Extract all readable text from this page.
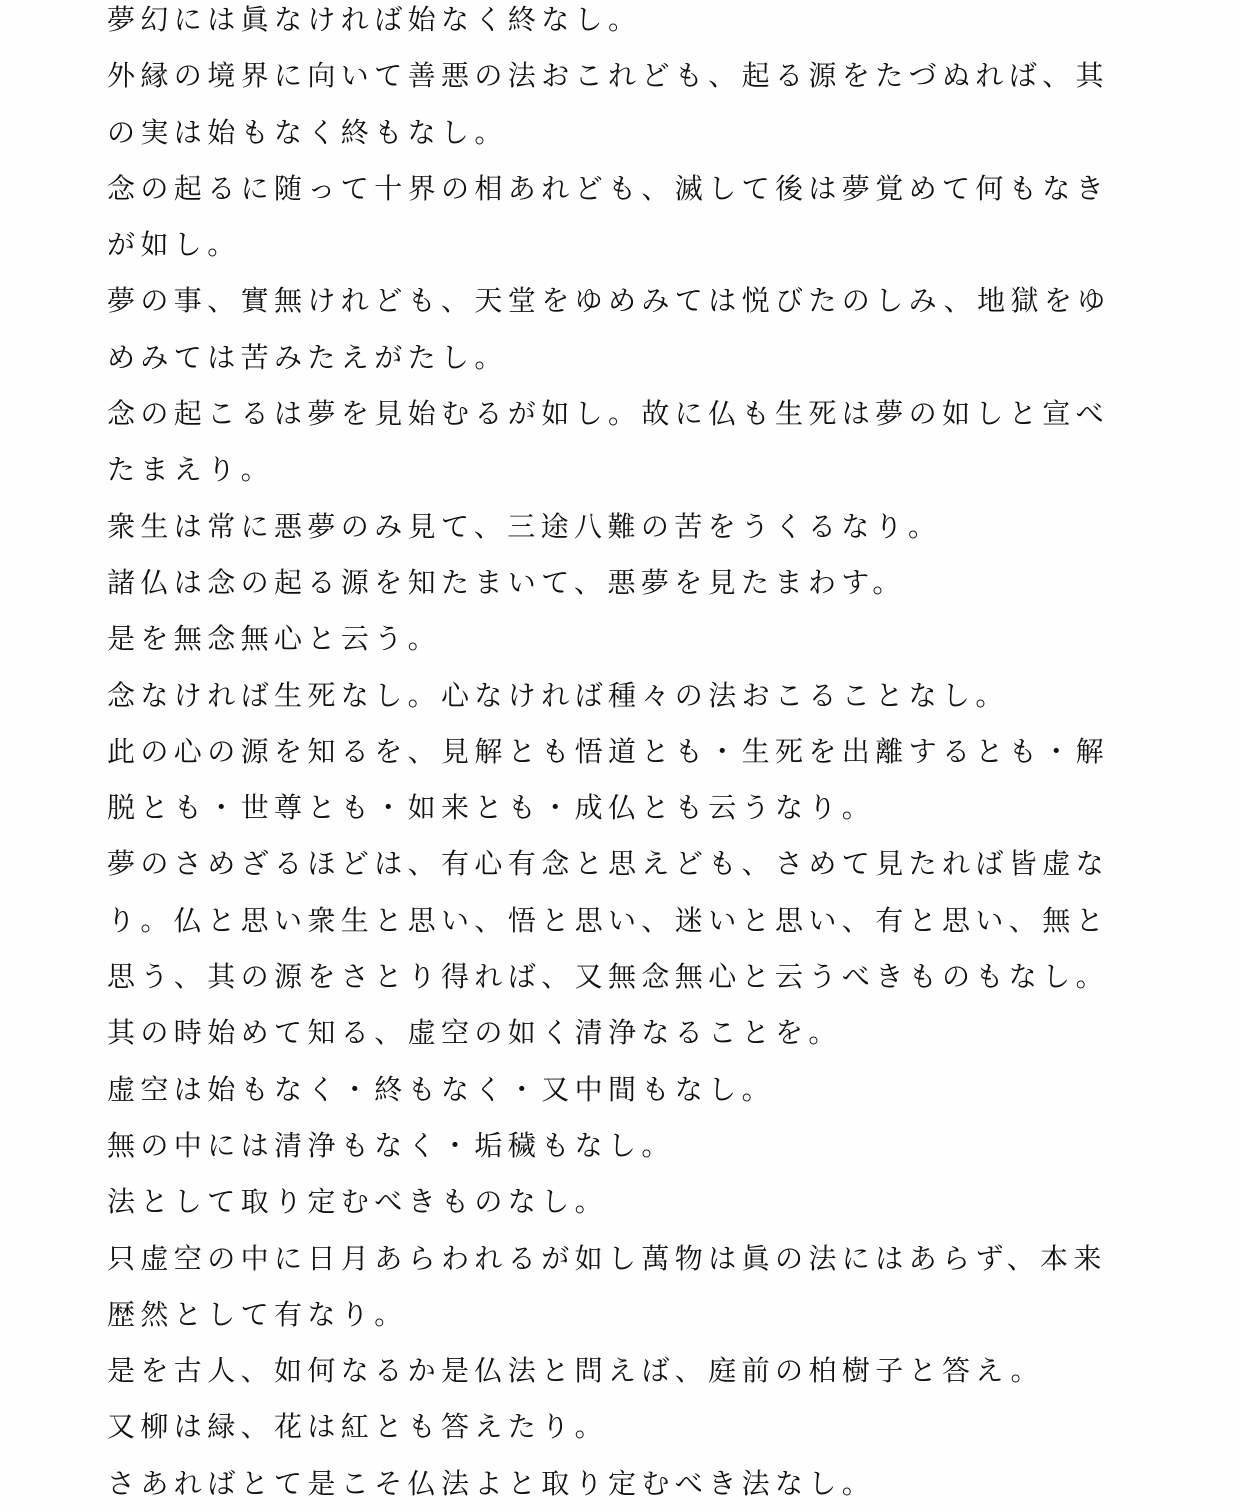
夢幻には眞なければ始なく終なし。
外縁の境界に向いて善悪の法おこれども、起る源をたづぬれば、其
の実は始もなく終もなし。
念の起るに随って十界の相あれども、滅して後は夢覚めて何もなき
が如し。
夢の事、實無けれども、天堂をゆめみては悦びたのしみ、地獄をゆ
めみては苦みたえがたし。
念の起こるは夢を見始むるが如し。故に仏も生死は夢の如しと宣べ
たまえり。
衆生は常に悪夢のみ見て、三途八難の苦をうくるなり。
諸仏は念の起る源を知たまいて、悪夢を見たまわす。
是を無念無心と云う。
念なければ生死なし。心なければ種々の法おこることなし。
此の心の源を知るを、見解とも悟道とも・生死を出離するとも・解
脱とも・世尊とも・如来とも・成仏とも云うなり。
夢のさめざるほどは、有心有念と思えども、さめて見たれば皆虚な
り。仏と思い衆生と思い、悟と思い、迷いと思い、有と思い、無と
思う、其の源をさとり得れば、又無念無心と云うべきものもなし。
其の時始めて知る、虚空の如く清浄なることを。
虚空は始もなく・終もなく・又中間もなし。
無の中には清浄もなく・垢穢もなし。
法として取り定むべきものなし。
只虚空の中に日月あらわれるが如し萬物は眞の法にはあらず、本来
歴然として有なり。
是を古人、如何なるか是仏法と問えば、庭前の柏樹子と答え。
又柳は緑、花は紅とも答えたり。
さあればとて是こそ仏法よと取り定むべき法なし。
